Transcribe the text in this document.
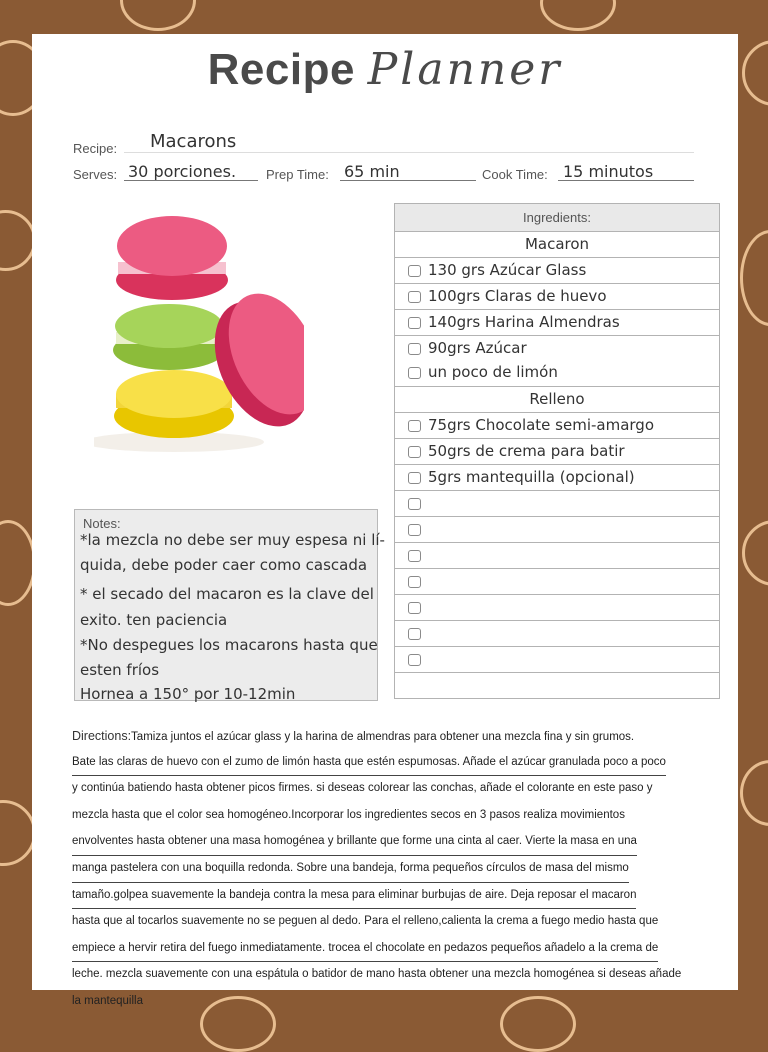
Recipe Planner
Recipe: Macarons
Serves: 30 porciones. Prep Time: 65 min	Cook Time: 15 minutos
Notes:
*la mezcla no debe ser muy espesa ni lí-
quida, debe poder caer como cascada
* el secado del macaron es la clave del
exito. ten paciencia
*No despegues los macarons hasta que
esten fríos
Hornea a 150° por 10-12min
Ingredients:
Macaron
130 grs Azúcar Glass
100grs Claras de huevo
140grs Harina Almendras
90grs Azúcar
un poco de limón
Relleno
75grs Chocolate semi-amargo
50grs de crema para batir
5grs mantequilla (opcional)
Directions:Tamiza juntos el azúcar glass y la harina de almendras para obtener una mezcla fina y sin grumos.
Bate las claras de huevo con el zumo de limón hasta que estén espumosas. Añade el azúcar granulada poco a poco
y continúa batiendo hasta obtener picos firmes. si deseas colorear las conchas, añade el colorante en este paso y
mezcla hasta que el color sea homogéneo.Incorporar los ingredientes secos en 3 pasos realiza movimientos
envolventes hasta obtener una masa homogénea y brillante que forme una cinta al caer. Vierte la masa en una
manga pastelera con una boquilla redonda. Sobre una bandeja, forma pequeños círculos de masa del mismo
tamaño.golpea suavemente la bandeja contra la mesa para eliminar burbujas de aire. Deja reposar el macaron
hasta que al tocarlos suavemente no se peguen al dedo. Para el relleno,calienta la crema a fuego medio hasta que
empiece a hervir retira del fuego inmediatamente. trocea el chocolate en pedazos pequeños añadelo a la crema de
leche. mezcla suavemente con una espátula o batidor de mano hasta obtener una mezcla homogénea si deseas añade
la mantequilla
